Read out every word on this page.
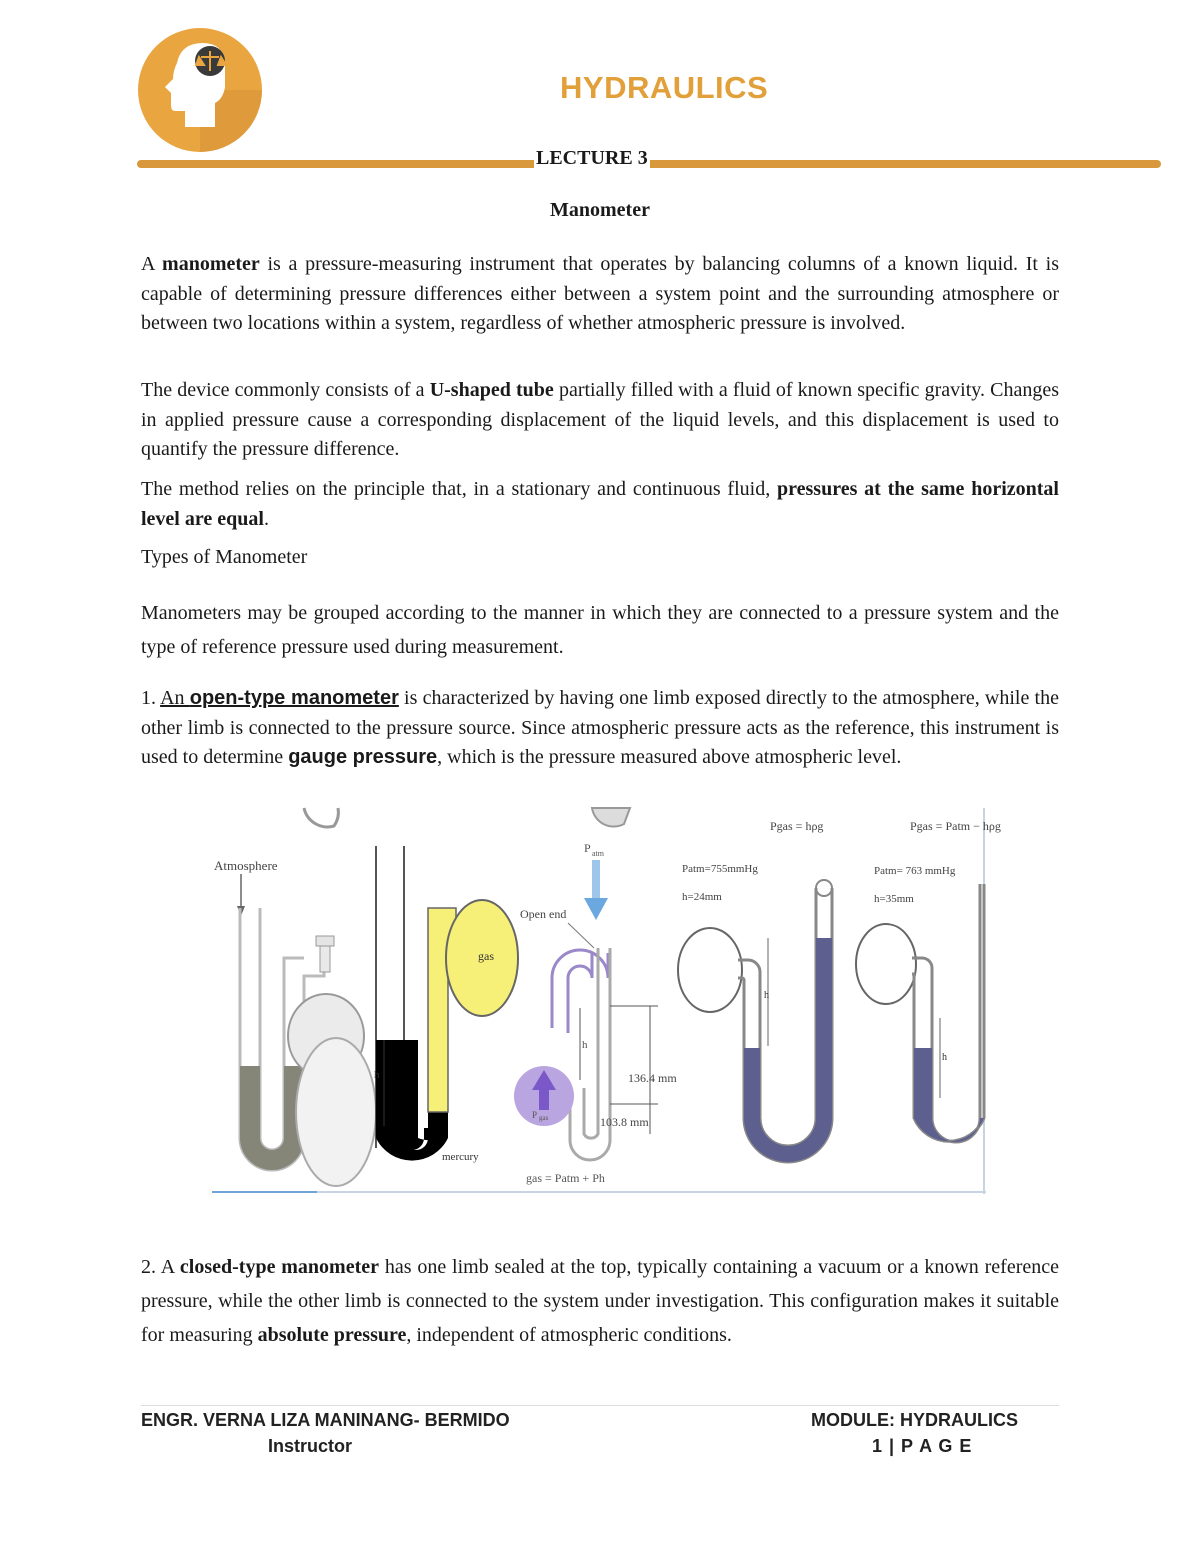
HYDRAULICS
LECTURE 3
Manometer
A manometer is a pressure-measuring instrument that operates by balancing columns of a known liquid. It is capable of determining pressure differences either between a system point and the surrounding atmosphere or between two locations within a system, regardless of whether atmospheric pressure is involved.
The device commonly consists of a U-shaped tube partially filled with a fluid of known specific gravity. Changes in applied pressure cause a corresponding displacement of the liquid levels, and this displacement is used to quantify the pressure difference.
The method relies on the principle that, in a stationary and continuous fluid, pressures at the same horizontal level are equal.
Types of Manometer
Manometers may be grouped according to the manner in which they are connected to a pressure system and the type of reference pressure used during measurement.
1. An open-type manometer is characterized by having one limb exposed directly to the atmosphere, while the other limb is connected to the pressure source. Since atmospheric pressure acts as the reference, this instrument is used to determine gauge pressure, which is the pressure measured above atmospheric level.
Atmosphere
gas
h
mercury
P atm
Open end
P gas
h
136.4 mm
103.8 mm
gas = Patm + Ph
Pgas = hρg
Patm=755mmHg
h=24mm
h
Pgas = Patm − hρg
Patm= 763 mmHg
h=35mm
h
2. A closed-type manometer has one limb sealed at the top, typically containing a vacuum or a known reference pressure, while the other limb is connected to the system under investigation. This configuration makes it suitable for measuring absolute pressure, independent of atmospheric conditions.
ENGR. VERNA LIZA MANINANG- BERMIDO
Instructor
MODULE: HYDRAULICS
1 | P A G E
